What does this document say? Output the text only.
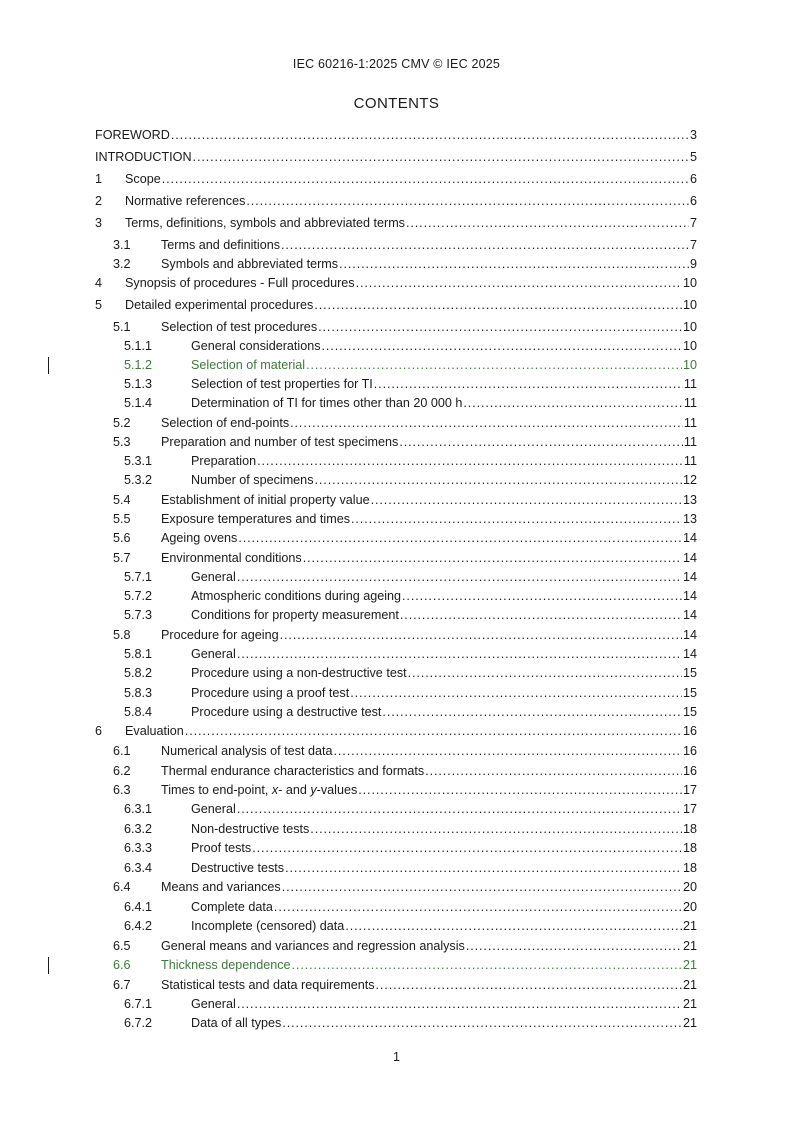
IEC 60216-1:2025 CMV © IEC 2025
CONTENTS
FOREWORD . . .	3
INTRODUCTION . . .	5
1 Scope . . .	6
2 Normative references . . .	6
3 Terms, definitions, symbols and abbreviated terms . . .	7
3.1 Terms and definitions . . .	7
3.2 Symbols and abbreviated terms . . .	9
4 Synopsis of procedures - Full procedures . . .	10
5 Detailed experimental procedures . . .	10
5.1 Selection of test procedures . . .	10
5.1.1	General considerations . . .	10
5.1.2	Selection of material . . .	10
5.1.3	Selection of test properties for TI . . .	11
5.1.4	Determination of TI for times other than 20 000 h . . .	11
5.2 Selection of end-points . . .	11
5.3 Preparation and number of test specimens . . .	11
5.3.1	Preparation . . .	11
5.3.2	Number of specimens . . .	12
5.4 Establishment of initial property value . . .	13
5.5 Exposure temperatures and times . . .	13
5.6 Ageing ovens . . .	14
5.7 Environmental conditions . . .	14
5.7.1	General . . .	14
5.7.2	Atmospheric conditions during ageing . . .	14
5.7.3	Conditions for property measurement . . .	14
5.8 Procedure for ageing . . .	14
5.8.1	General . . .	14
5.8.2	Procedure using a non-destructive test . . .	15
5.8.3	Procedure using a proof test . . .	15
5.8.4	Procedure using a destructive test . . .	15
6 Evaluation . . .	16
6.1 Numerical analysis of test data . . .	16
6.2 Thermal endurance characteristics and formats . . .	16
6.3 Times to end-point, x- and y-values . . .	17
6.3.1	General . . .	17
6.3.2	Non-destructive tests . . .	18
6.3.3	Proof tests . . .	18
6.3.4	Destructive tests . . .	18
6.4 Means and variances . . .	20
6.4.1	Complete data . . .	20
6.4.2	Incomplete (censored) data . . .	21
6.5 General means and variances and regression analysis . . .	21
6.6 Thickness dependence . . .	21
6.7 Statistical tests and data requirements . . .	21
6.7.1	General . . .	21
6.7.2	Data of all types . . .	21
1
